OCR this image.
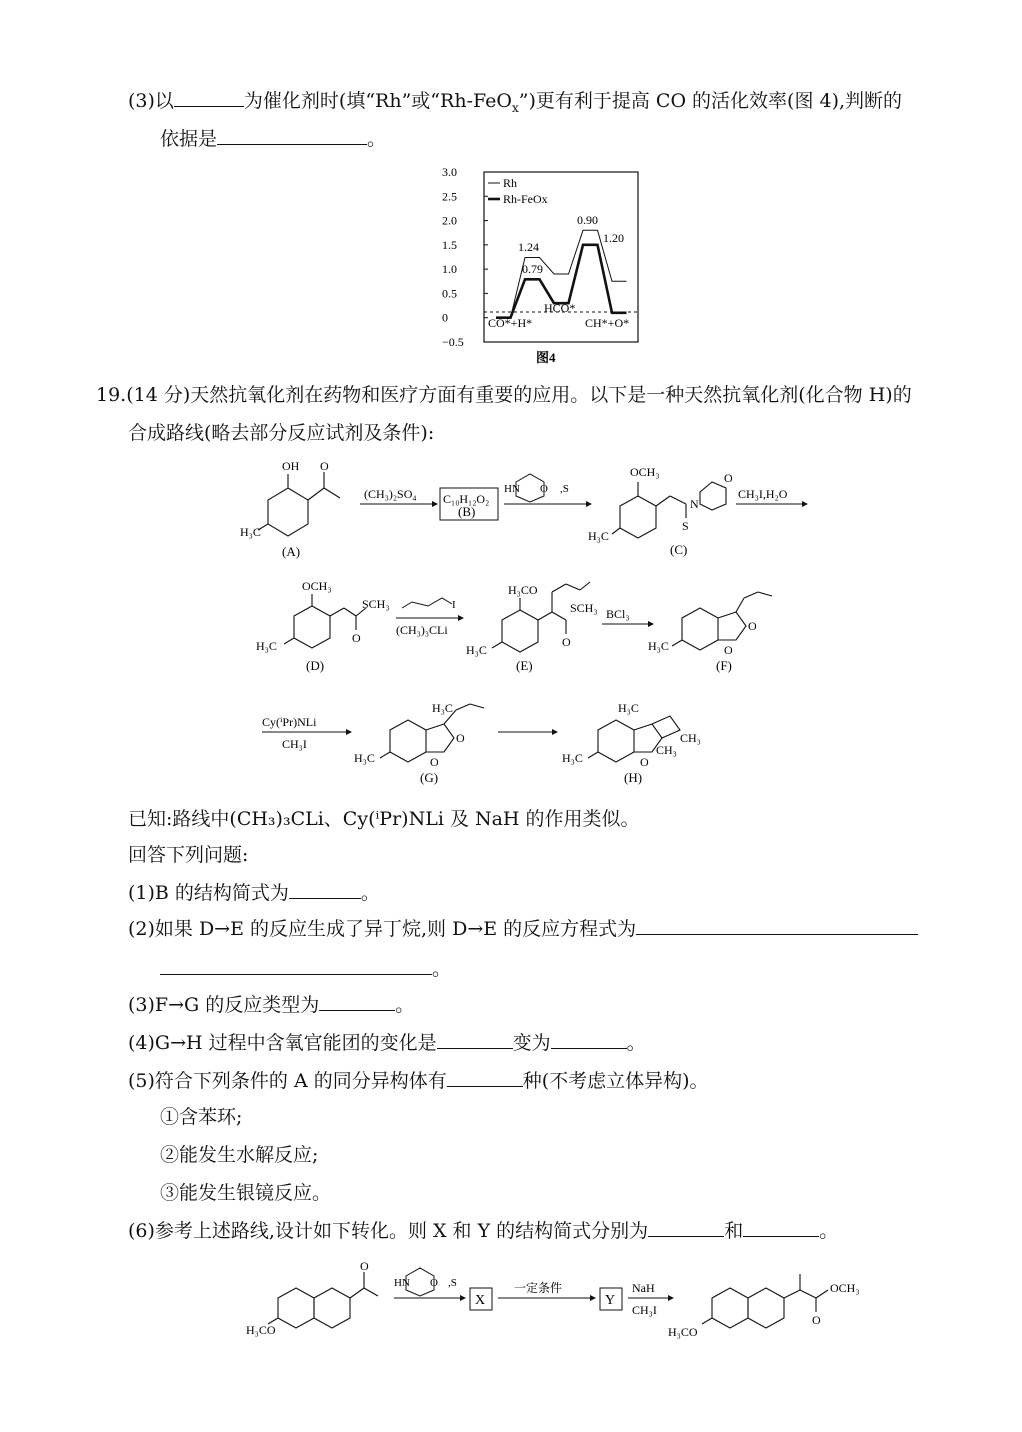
(3)以	为催化剂时(填“Rh”或“Rh-FeO$_x$”)更有利于提高 CO 的活化效率(图 4),判断的
依据是	。
3.0
2.5
2.0
1.5
1.0
0.5
0
−0.5
Rh
Rh-FeOx
1.24
0.79
0.90
1.20
HCO*
CO*+H*	CH*+O*
图4
19.(14 分)天然抗氧化剂在药物和医疗方面有重要的应用。以下是一种天然抗氧化剂(化合物 H)的
合成路线(略去部分反应试剂及条件):
OH O
H₃C
(A)
(CH₃)₂SO₄ C₁₀H₁₂O₂
(B)
HN O ,S
OCH₃
H₃C
N
O
S
(C)
CH₃I,H₂O
OCH₃
SCH₃
O
H₃C
(D)
I
(CH₃)₃CLi
H₃CO
SCH₃
O
H₃C
(E)
BCl₃
O
O
H₃C
(F)
Cy(ⁱPr)NLi
CH₃I
H₃C
O
O
H₃C
(G)
H₃C
O
CH₃
CH₃
H₃C
(H)
已知:路线中(CH₃)₃CLi、Cy(ⁱPr)NLi 及 NaH 的作用类似。
回答下列问题:
(1)B 的结构简式为	。
(2)如果 D→E 的反应生成了异丁烷,则 D→E 的反应方程式为
。
(3)F→G 的反应类型为	。
(4)G→H 过程中含氧官能团的变化是	变为	。
(5)符合下列条件的 A 的同分异构体有	种(不考虑立体异构)。
①含苯环;
②能发生水解反应;
③能发生银镜反应。
(6)参考上述路线,设计如下转化。则 X 和 Y 的结构简式分别为	和	。
O
H₃CO
HN O ,S
X
一定条件
Y
NaH
CH₃I
OCH₃
O
H₃CO
